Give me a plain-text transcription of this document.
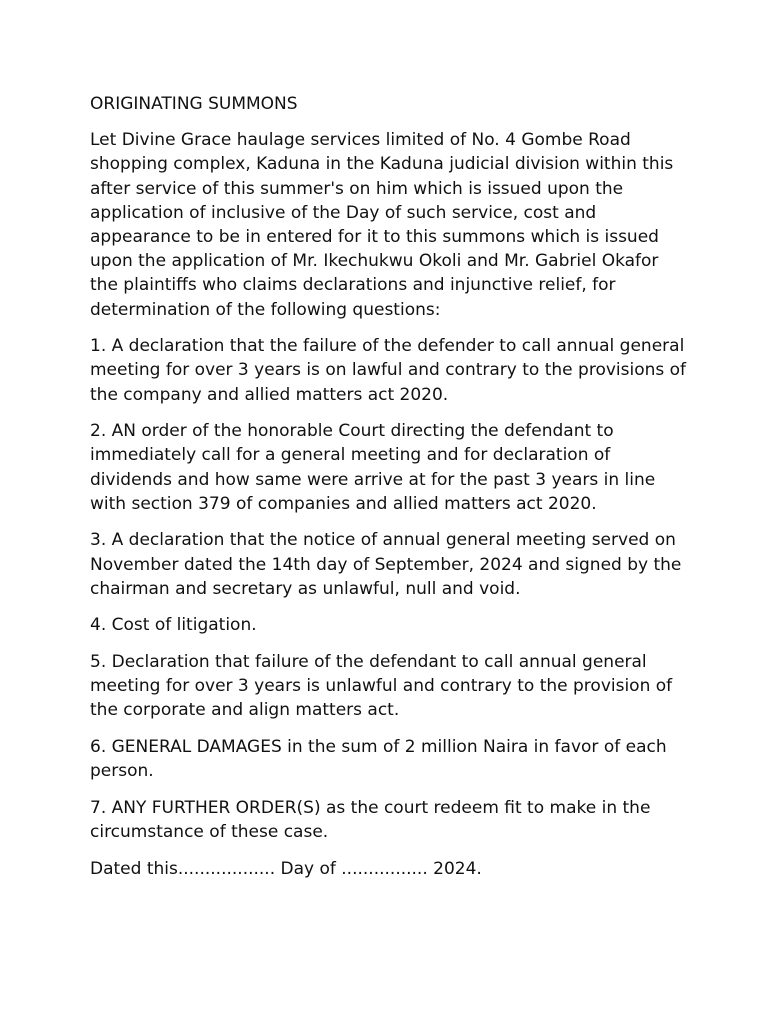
ORIGINATING SUMMONS

Let Divine Grace haulage services limited of No. 4 Gombe Road shopping complex, Kaduna in the Kaduna judicial division within this after service of this summer's on him which is issued upon the application of inclusive of the Day of such service, cost and appearance to be in entered for it to this summons which is issued upon the application of Mr. Ikechukwu Okoli and Mr. Gabriel Okafor the plaintiffs who claims declarations and injunctive relief, for determination of the following questions:

1. A declaration that the failure of the defender to call annual general meeting for over 3 years is on lawful and contrary to the provisions of the company and allied matters act 2020.

2. AN order of the honorable Court directing the defendant to immediately call for a general meeting and for declaration of dividends and how same were arrive at for the past 3 years in line with section 379 of companies and allied matters act 2020.

3. A declaration that the notice of annual general meeting served on November dated the 14th day of September, 2024 and signed by the chairman and secretary as unlawful, null and void.

4. Cost of litigation.

5. Declaration that failure of the defendant to call annual general meeting for over 3 years is unlawful and contrary to the provision of the corporate and align matters act.

6. GENERAL DAMAGES in the sum of 2 million Naira in favor of each person.

7. ANY FURTHER ORDER(S) as the court redeem fit to make in the circumstance of these case.

Dated this.................. Day of ................ 2024.
